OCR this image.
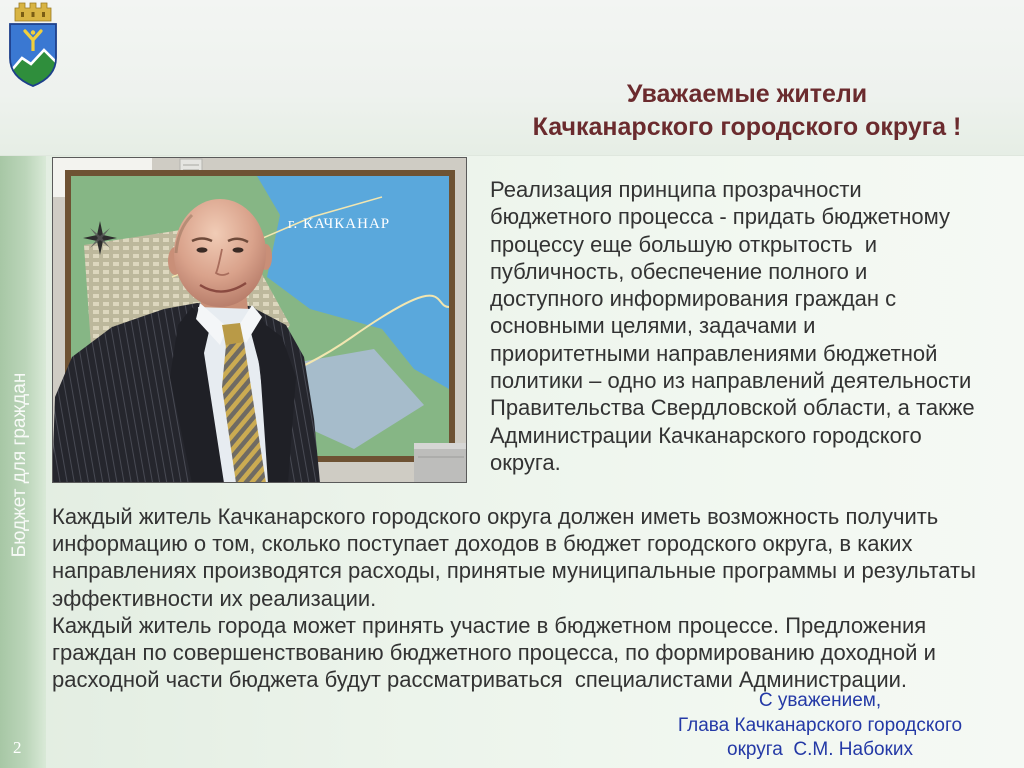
Уважаемые жители
Качканарского городского округа !
г. КАЧКАНАР
Реализация принципа прозрачности
бюджетного процесса - придать бюджетному
процессу еще большую открытость  и
публичность, обеспечение полного и
доступного информирования граждан с
основными целями, задачами и
приоритетными направлениями бюджетной
политики – одно из направлений деятельности
Правительства Свердловской области, а также
Администрации Качканарского городского
округа.
Каждый житель Качканарского городского округа должен иметь возможность получить
информацию о том, сколько поступает доходов в бюджет городского округа, в каких
направлениях производятся расходы, принятые муниципальные программы и результаты
эффективности их реализации.
Каждый житель города может принять участие в бюджетном процессе. Предложения
граждан по совершенствованию бюджетного процесса, по формированию доходной и
расходной части бюджета будут рассматриваться  специалистами Администрации.
С уважением,
Глава Качканарского городского
округа  С.М. Набоких
Бюджет для граждан
2
